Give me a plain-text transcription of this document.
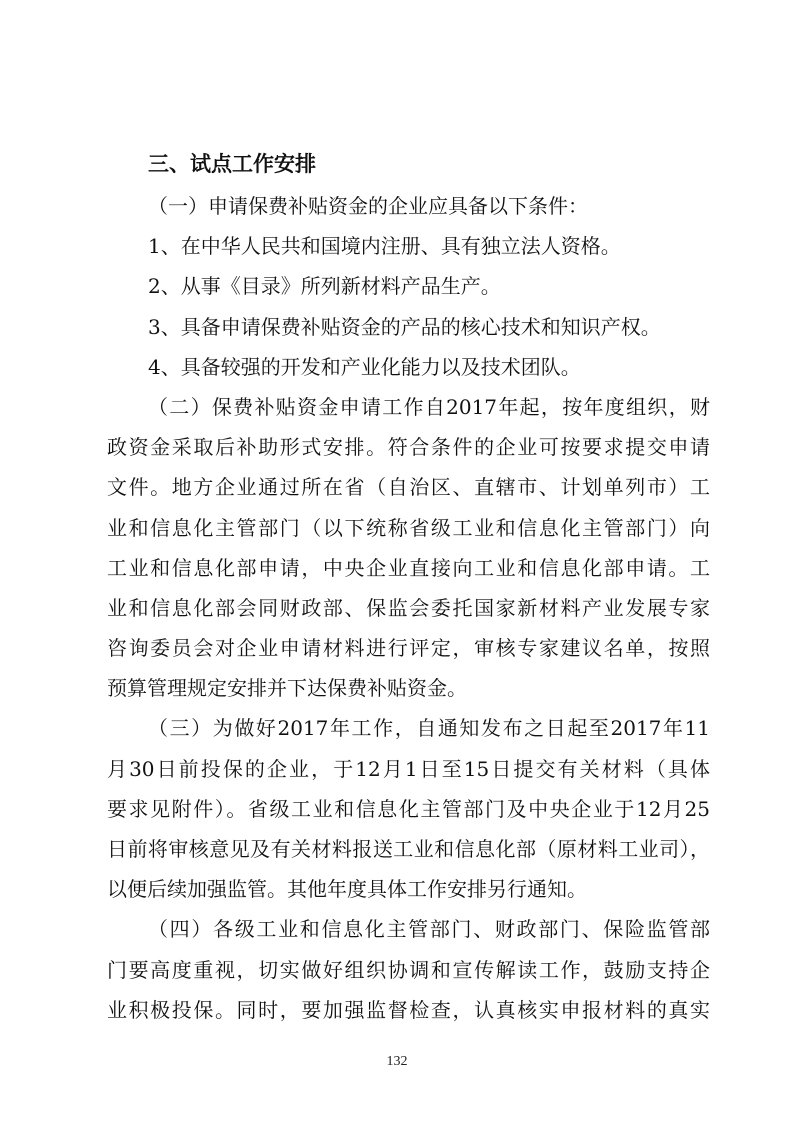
三、试点工作安排
（一）申请保费补贴资金的企业应具备以下条件：
1、在中华人民共和国境内注册、具有独立法人资格。
2、从事《目录》所列新材料产品生产。
3、具备申请保费补贴资金的产品的核心技术和知识产权。
4、具备较强的开发和产业化能力以及技术团队。
（二）保费补贴资金申请工作自2017年起，按年度组织，财
政资金采取后补助形式安排。符合条件的企业可按要求提交申请
文件。地方企业通过所在省（自治区、直辖市、计划单列市）工
业和信息化主管部门（以下统称省级工业和信息化主管部门）向
工业和信息化部申请，中央企业直接向工业和信息化部申请。工
业和信息化部会同财政部、保监会委托国家新材料产业发展专家
咨询委员会对企业申请材料进行评定，审核专家建议名单，按照
预算管理规定安排并下达保费补贴资金。
（三）为做好2017年工作，自通知发布之日起至2017年11
月30日前投保的企业，于12月1日至15日提交有关材料（具体
要求见附件）。省级工业和信息化主管部门及中央企业于12月25
日前将审核意见及有关材料报送工业和信息化部（原材料工业司），
以便后续加强监管。其他年度具体工作安排另行通知。
（四）各级工业和信息化主管部门、财政部门、保险监管部
门要高度重视，切实做好组织协调和宣传解读工作，鼓励支持企
业积极投保。同时，要加强监督检查，认真核实申报材料的真实
132
